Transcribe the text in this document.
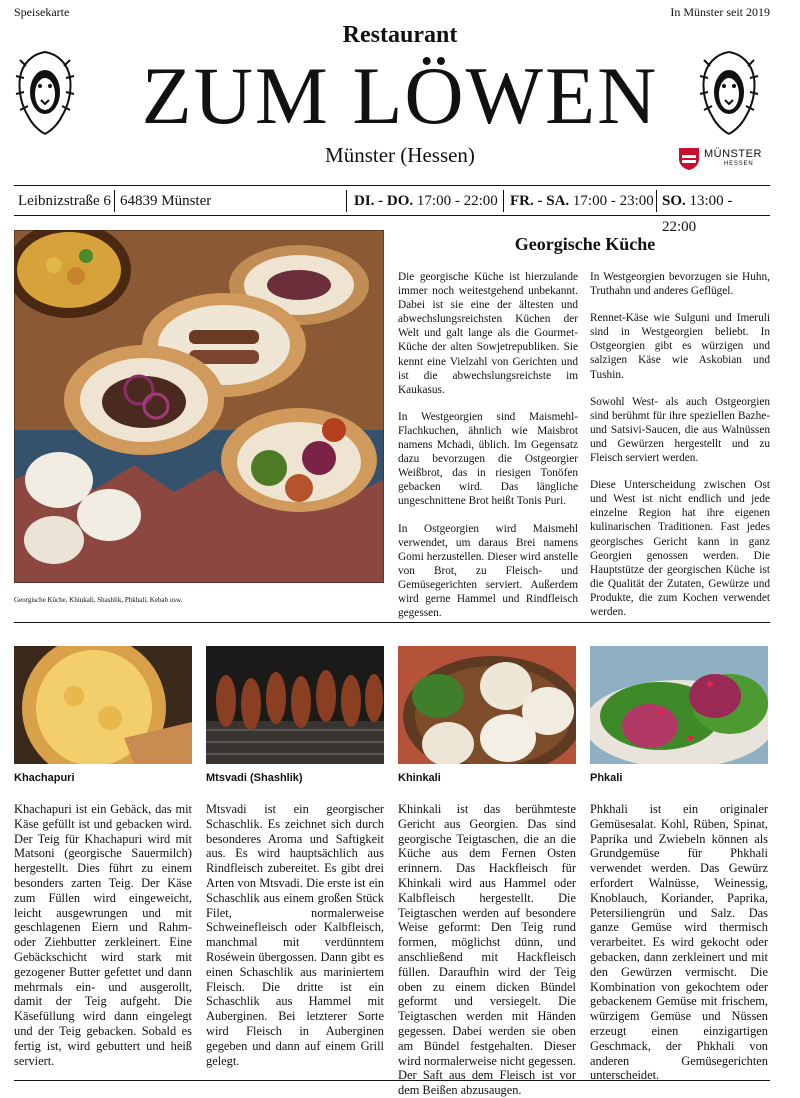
Speisekarte	In Münster seit 2019
Restaurant
ZUM LÖWEN
Münster (Hessen)	MÜNSTER
HESSEN
Leibnizstraße 6 64839 Münster	DI. - DO. 17:00 - 22:00 FR. - SA. 17:00 - 23:00 SO. 13:00 - 22:00
Georgische Küche, Khinkali, Shashlik, Phkhali, Kebab usw.
Georgische Küche

Die georgische Küche ist hierzulande immer noch weitestgehend unbekannt. Dabei ist sie eine der ältesten und abwechslungsreichsten Küchen der Welt und galt lange als die Gourmet-Küche der alten Sowjetrepubliken. Sie kennt eine Vielzahl von Gerichten und ist die abwechslungsreichste im Kaukasus.

In Westgeorgien sind Maismehl-Flachkuchen, ähnlich wie Maisbrot namens Mchadi, üblich. Im Gegensatz dazu bevorzugen die Ostgeorgier Weißbrot, das in riesigen Tonöfen gebacken wird. Das längliche ungeschnittene Brot heißt Tonis Puri.

In Ostgeorgien wird Maismehl verwendet, um daraus Brei namens Gomi herzustellen. Dieser wird anstelle von Brot, zu Fleisch- und Gemüsegerichten serviert. Außerdem wird gerne Hammel und Rindfleisch gegessen.

In Westgeorgien bevorzugen sie Huhn, Truthahn und anderes Geflügel.

Rennet-Käse wie Sulguni und Imeruli sind in Westgeorgien beliebt. In Ostgeorgien gibt es würzigen und salzigen Käse wie Askobian und Tushin.

Sowohl West- als auch Ostgeorgien sind berühmt für ihre speziellen Bazhe- und Satsivi-Saucen, die aus Walnüssen und Gewürzen hergestellt und zu Fleisch serviert werden.

Diese Unterscheidung zwischen Ost und West ist nicht endlich und jede einzelne Region hat ihre eigenen kulinarischen Traditionen. Fast jedes georgisches Gericht kann in ganz Georgien genossen werden. Die Hauptstütze der georgischen Küche ist die Qualität der Zutaten, Gewürze und Produkte, die zum Kochen verwendet werden.

Khachapuri	Mtsvadi (Shashlik)	Khinkali	Phkali
Khachapuri ist ein Gebäck, das mit Käse gefüllt ist und gebacken wird. Der Teig für Khachapuri wird mit Matsoni (georgische Sauermilch) hergestellt. Dies führt zu einem besonders zarten Teig. Der Käse zum Füllen wird eingeweicht, leicht ausgewrungen und mit geschlagenen Eiern und Rahm- oder Ziehbutter zerkleinert. Eine Gebäckschicht wird stark mit gezogener Butter gefettet und dann mehrmals ein- und ausgerollt, damit der Teig aufgeht. Die Käsefüllung wird dann eingelegt und der Teig gebacken. Sobald es fertig ist, wird gebuttert und heiß serviert.
Mtsvadi ist ein georgischer Schaschlik. Es zeichnet sich durch besonderes Aroma und Saftigkeit aus. Es wird hauptsächlich aus Rindfleisch zubereitet. Es gibt drei Arten von Mtsvadi. Die erste ist ein Schaschlik aus einem großen Stück Filet, normalerweise Schweinefleisch oder Kalbfleisch, manchmal mit verdünntem Roséwein übergossen. Dann gibt es einen Schaschlik aus mariniertem Fleisch. Die dritte ist ein Schaschlik aus Hammel mit Auberginen. Bei letzterer Sorte wird Fleisch in Auberginen gegeben und dann auf einem Grill gelegt.
Khinkali ist das berühmteste Gericht aus Georgien. Das sind georgische Teigtaschen, die an die Küche aus dem Fernen Osten erinnern. Das Hackfleisch für Khinkali wird aus Hammel oder Kalbfleisch hergestellt. Die Teigtaschen werden auf besondere Weise geformt: Den Teig rund formen, möglichst dünn, und anschließend mit Hackfleisch füllen. Daraufhin wird der Teig oben zu einem dicken Bündel geformt und versiegelt. Die Teigtaschen werden mit Händen gegessen. Dabei werden sie oben am Bündel festgehalten. Dieser wird normalerweise nicht gegessen. Der Saft aus dem Fleisch ist vor dem Beißen abzusaugen.
Phkhali ist ein originaler Gemüsesalat. Kohl, Rüben, Spinat, Paprika und Zwiebeln können als Grundgemüse für Phkhali verwendet werden. Das Gewürz erfordert Walnüsse, Weinessig, Knoblauch, Koriander, Paprika, Petersiliengrün und Salz. Das ganze Gemüse wird thermisch verarbeitet. Es wird gekocht oder gebacken, dann zerkleinert und mit den Gewürzen vermischt. Die Kombination von gekochtem oder gebackenem Gemüse mit frischem, würzigem Gemüse und Nüssen erzeugt einen einzigartigen Geschmack, der Phkhali von anderen Gemüsegerichten unterscheidet.
